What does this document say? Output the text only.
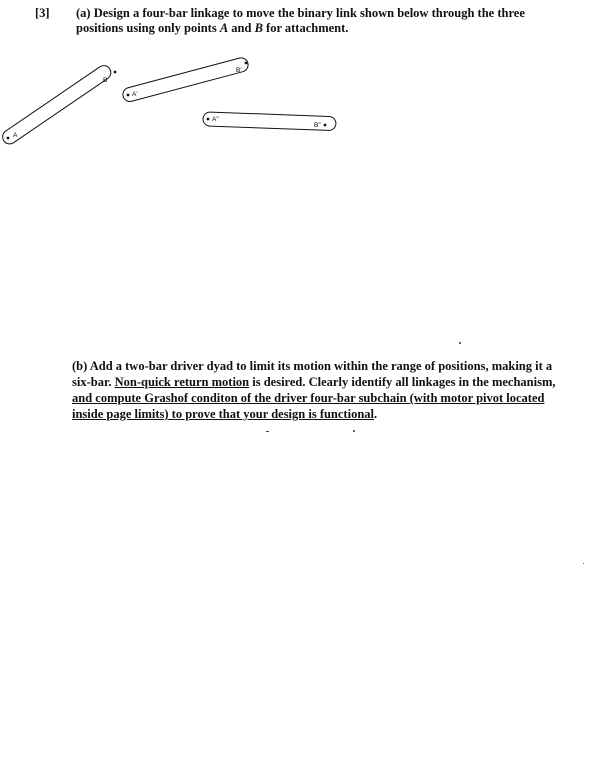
[3] (a) Design a four-bar linkage to move the binary link shown below through the three positions using only points A and B for attachment.
A
B
A'
B'
A"
B"
(b) Add a two-bar driver dyad to limit its motion within the range of positions, making it a six-bar. Non-quick return motion is desired. Clearly identify all linkages in the mechanism, and compute Grashof conditon of the driver four-bar subchain (with motor pivot located inside page limits) to prove that your design is functional.
